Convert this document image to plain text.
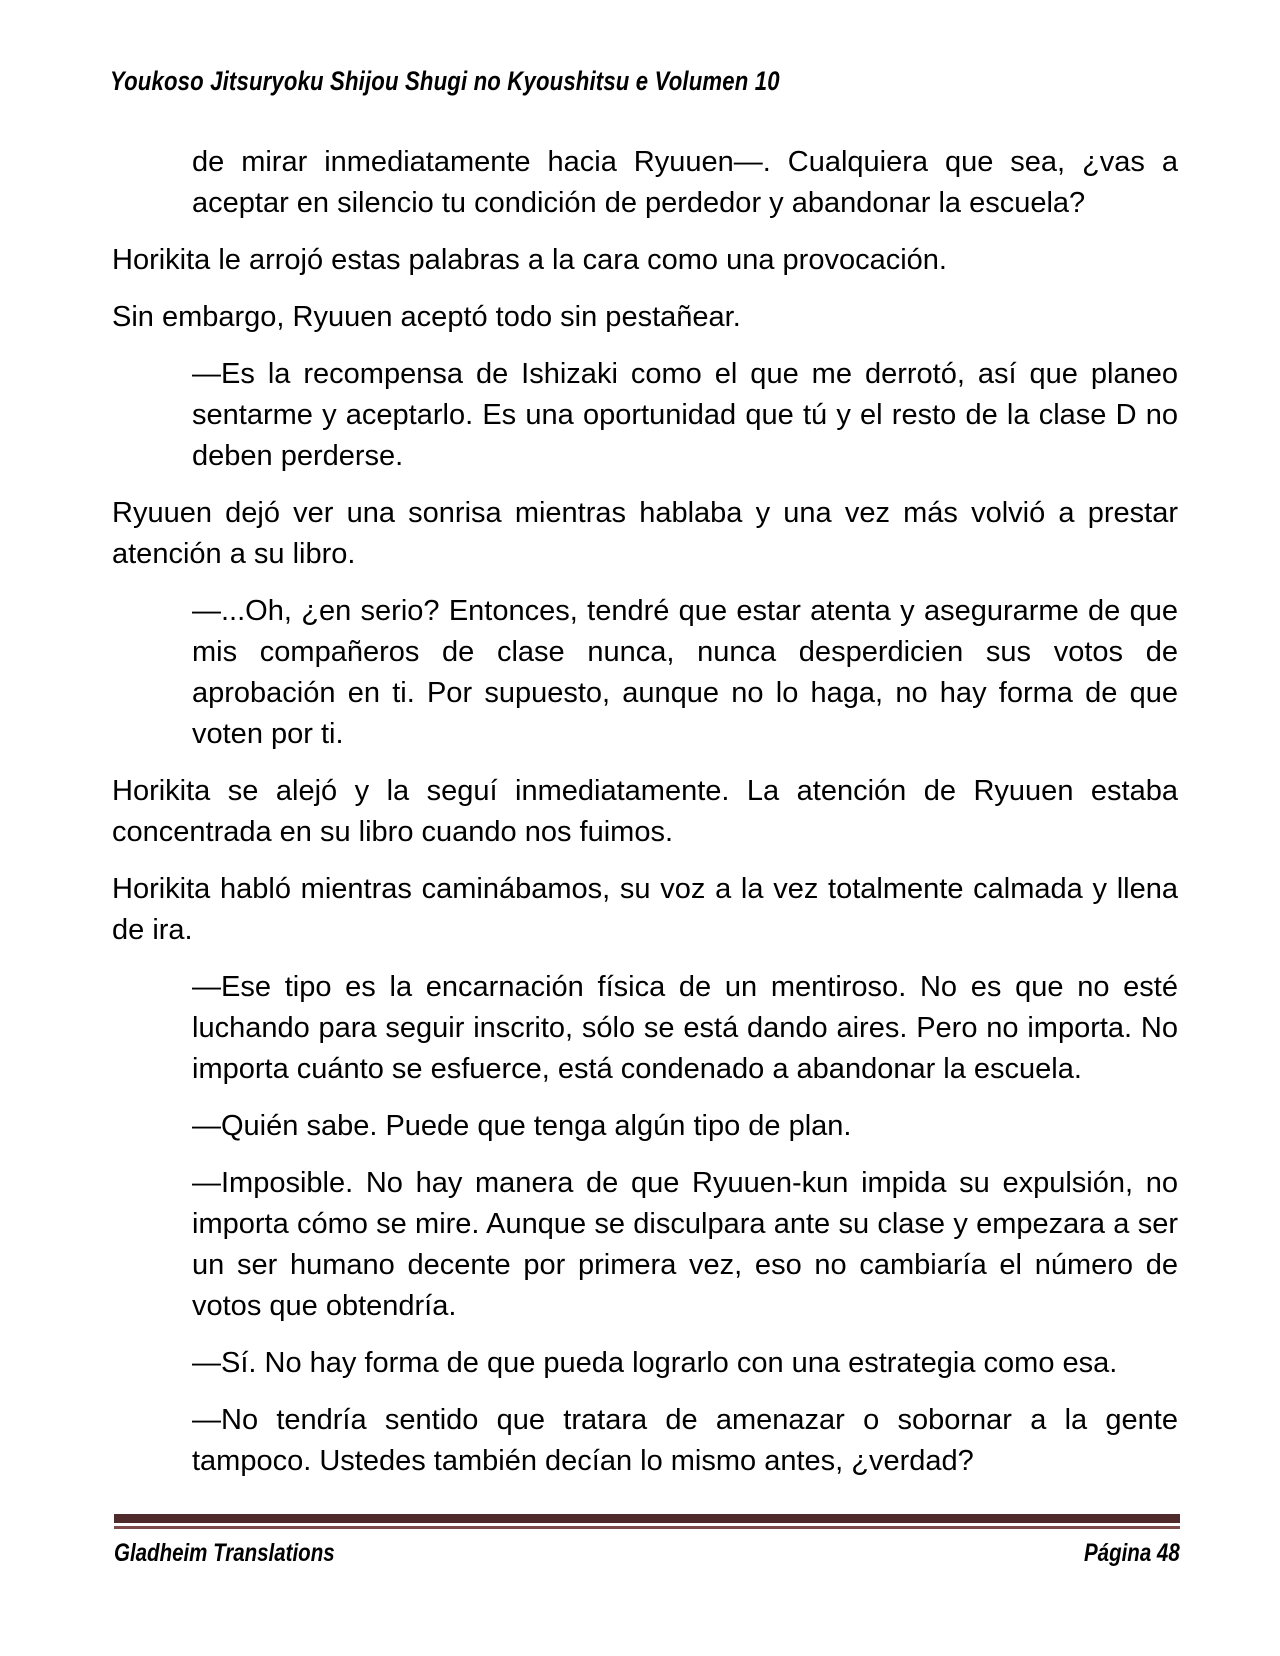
Youkoso Jitsuryoku Shijou Shugi no Kyoushitsu e Volumen 10
de mirar inmediatamente hacia Ryuuen—. Cualquiera que sea, ¿vas a aceptar en silencio tu condición de perdedor y abandonar la escuela?
Horikita le arrojó estas palabras a la cara como una provocación.
Sin embargo, Ryuuen aceptó todo sin pestañear.
—Es la recompensa de Ishizaki como el que me derrotó, así que planeo sentarme y aceptarlo. Es una oportunidad que tú y el resto de la clase D no deben perderse.
Ryuuen dejó ver una sonrisa mientras hablaba y una vez más volvió a prestar atención a su libro.
—...Oh, ¿en serio? Entonces, tendré que estar atenta y asegurarme de que mis compañeros de clase nunca, nunca desperdicien sus votos de aprobación en ti. Por supuesto, aunque no lo haga, no hay forma de que voten por ti.
Horikita se alejó y la seguí inmediatamente. La atención de Ryuuen estaba concentrada en su libro cuando nos fuimos.
Horikita habló mientras caminábamos, su voz a la vez totalmente calmada y llena de ira.
—Ese tipo es la encarnación física de un mentiroso. No es que no esté luchando para seguir inscrito, sólo se está dando aires. Pero no importa. No importa cuánto se esfuerce, está condenado a abandonar la escuela.
—Quién sabe. Puede que tenga algún tipo de plan.
—Imposible. No hay manera de que Ryuuen-kun impida su expulsión, no importa cómo se mire. Aunque se disculpara ante su clase y empezara a ser un ser humano decente por primera vez, eso no cambiaría el número de votos que obtendría.
—Sí. No hay forma de que pueda lograrlo con una estrategia como esa.
—No tendría sentido que tratara de amenazar o sobornar a la gente tampoco. Ustedes también decían lo mismo antes, ¿verdad?
Gladheim Translations	Página 48
